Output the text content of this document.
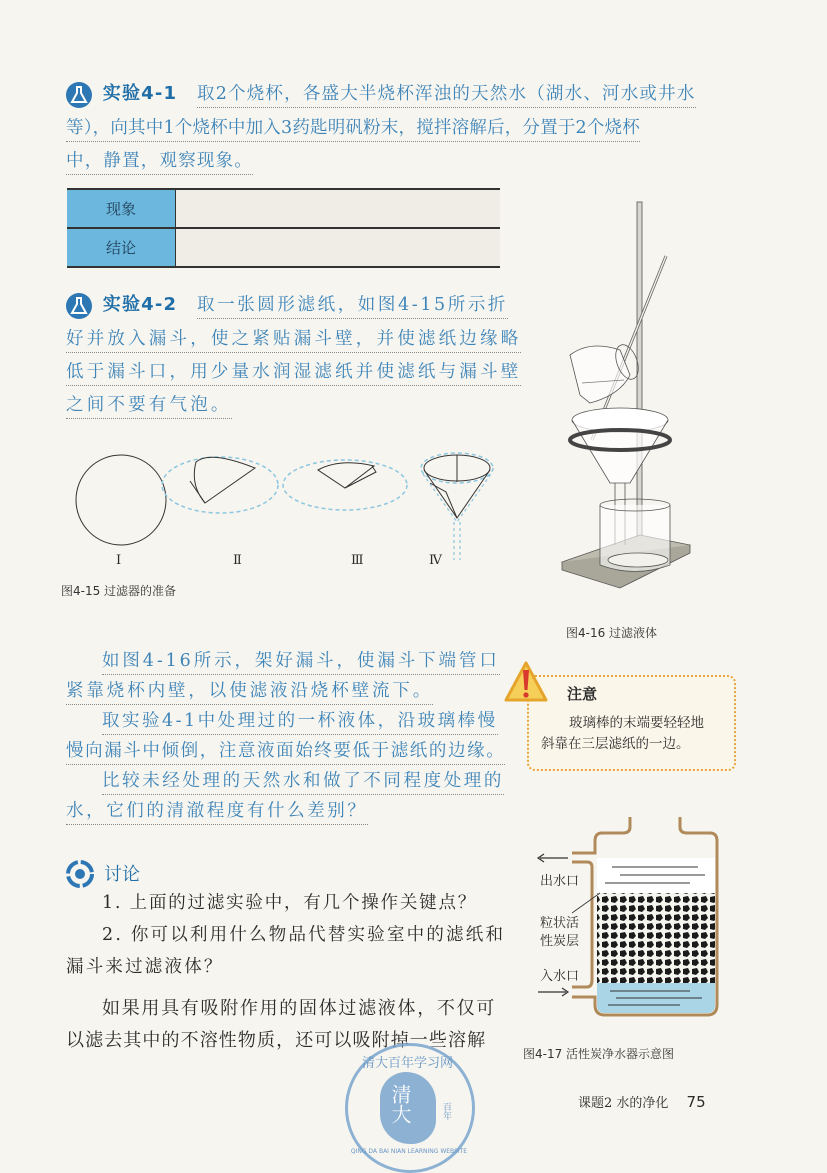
实验4-1 取2个烧杯，各盛大半烧杯浑浊的天然水（湖水、河水或井水
等），向其中1个烧杯中加入3药匙明矾粉末，搅拌溶解后，分置于2个烧杯
中，静置，观察现象。
现象	
结论	
实验4-2 取一张圆形滤纸，如图4-15所示折
好并放入漏斗，使之紧贴漏斗壁，并使滤纸边缘略
低于漏斗口，用少量水润湿滤纸并使滤纸与漏斗壁
之间不要有气泡。
Ⅰ	Ⅱ	Ⅲ	Ⅳ
图4-15 过滤器的准备
图4-16 过滤液体
如图4-16所示，架好漏斗，使漏斗下端管口
紧靠烧杯内壁，以使滤液沿烧杯壁流下。
取实验4-1中处理过的一杯液体，沿玻璃棒慢
慢向漏斗中倾倒，注意液面始终要低于滤纸的边缘。
比较未经处理的天然水和做了不同程度处理的
水，它们的清澈程度有什么差别？
注意
玻璃棒的末端要轻轻地
斜靠在三层滤纸的一边。
讨论
1. 上面的过滤实验中，有几个操作关键点？
2. 你可以利用什么物品代替实验室中的滤纸和
漏斗来过滤液体？
如果用具有吸附作用的固体过滤液体，不仅可
以滤去其中的不溶性物质，还可以吸附掉一些溶解
出水口
粒状活
性炭层
入水口
图4-17 活性炭净水器示意图
清大百年学习网
清大	百年
QING DA BAI NIAN LEARNING WEBSITE
课题2 水的净化 75
